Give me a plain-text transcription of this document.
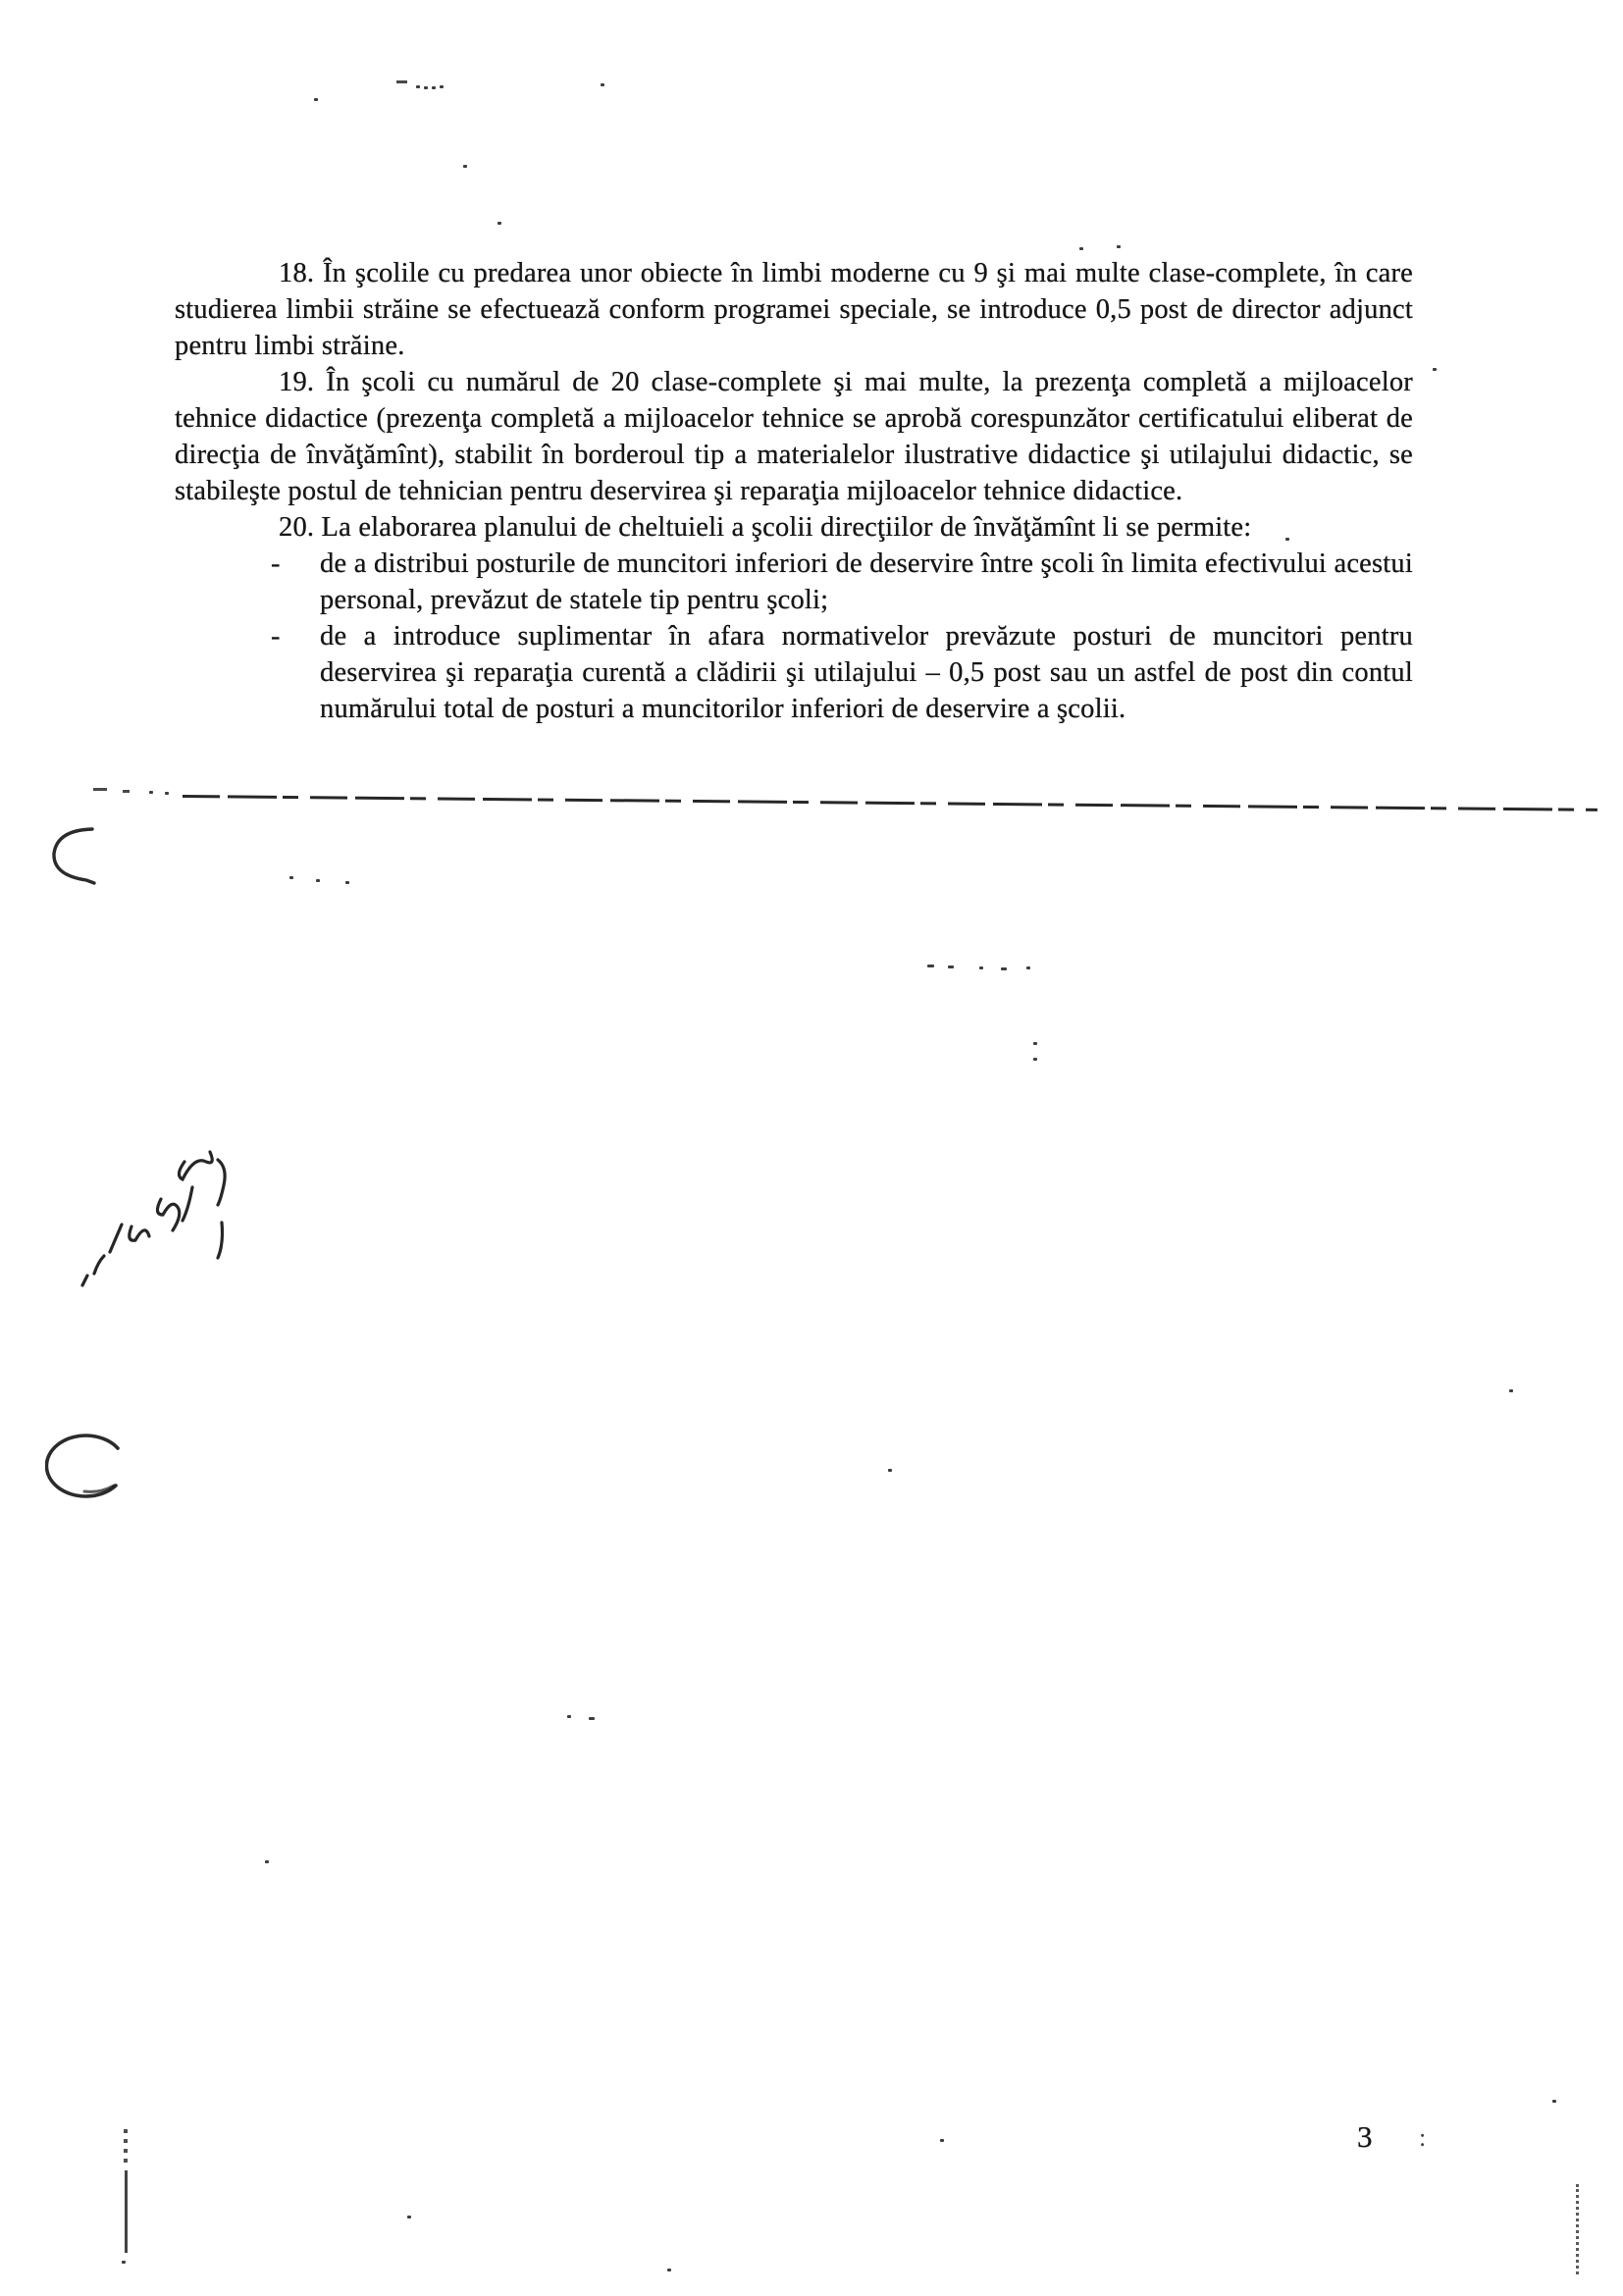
18. În şcolile cu predarea unor obiecte în limbi moderne cu 9 şi mai multe clase-complete, în care studierea limbii străine se efectuează conform programei speciale, se introduce 0,5 post de director adjunct pentru limbi străine.

19. În şcoli cu numărul de 20 clase-complete şi mai multe, la prezenţa completă a mijloacelor tehnice didactice (prezenţa completă a mijloacelor tehnice se aprobă corespunzător certificatului eliberat de direcţia de învăţămînt), stabilit în borderoul tip a materialelor ilustrative didactice şi utilajului didactic, se stabileşte postul de tehnician pentru deservirea şi reparaţia mijloacelor tehnice didactice.

20. La elaborarea planului de cheltuieli a şcolii direcţiilor de învăţămînt li se permite:

- de a distribui posturile de muncitori inferiori de deservire între şcoli în limita efectivului acestui personal, prevăzut de statele tip pentru şcoli;
- de a introduce suplimentar în afara normativelor prevăzute posturi de muncitori pentru deservirea şi reparaţia curentă a clădirii şi utilajului – 0,5 post sau un astfel de post din contul numărului total de posturi a muncitorilor inferiori de deservire a şcolii.
3 :
